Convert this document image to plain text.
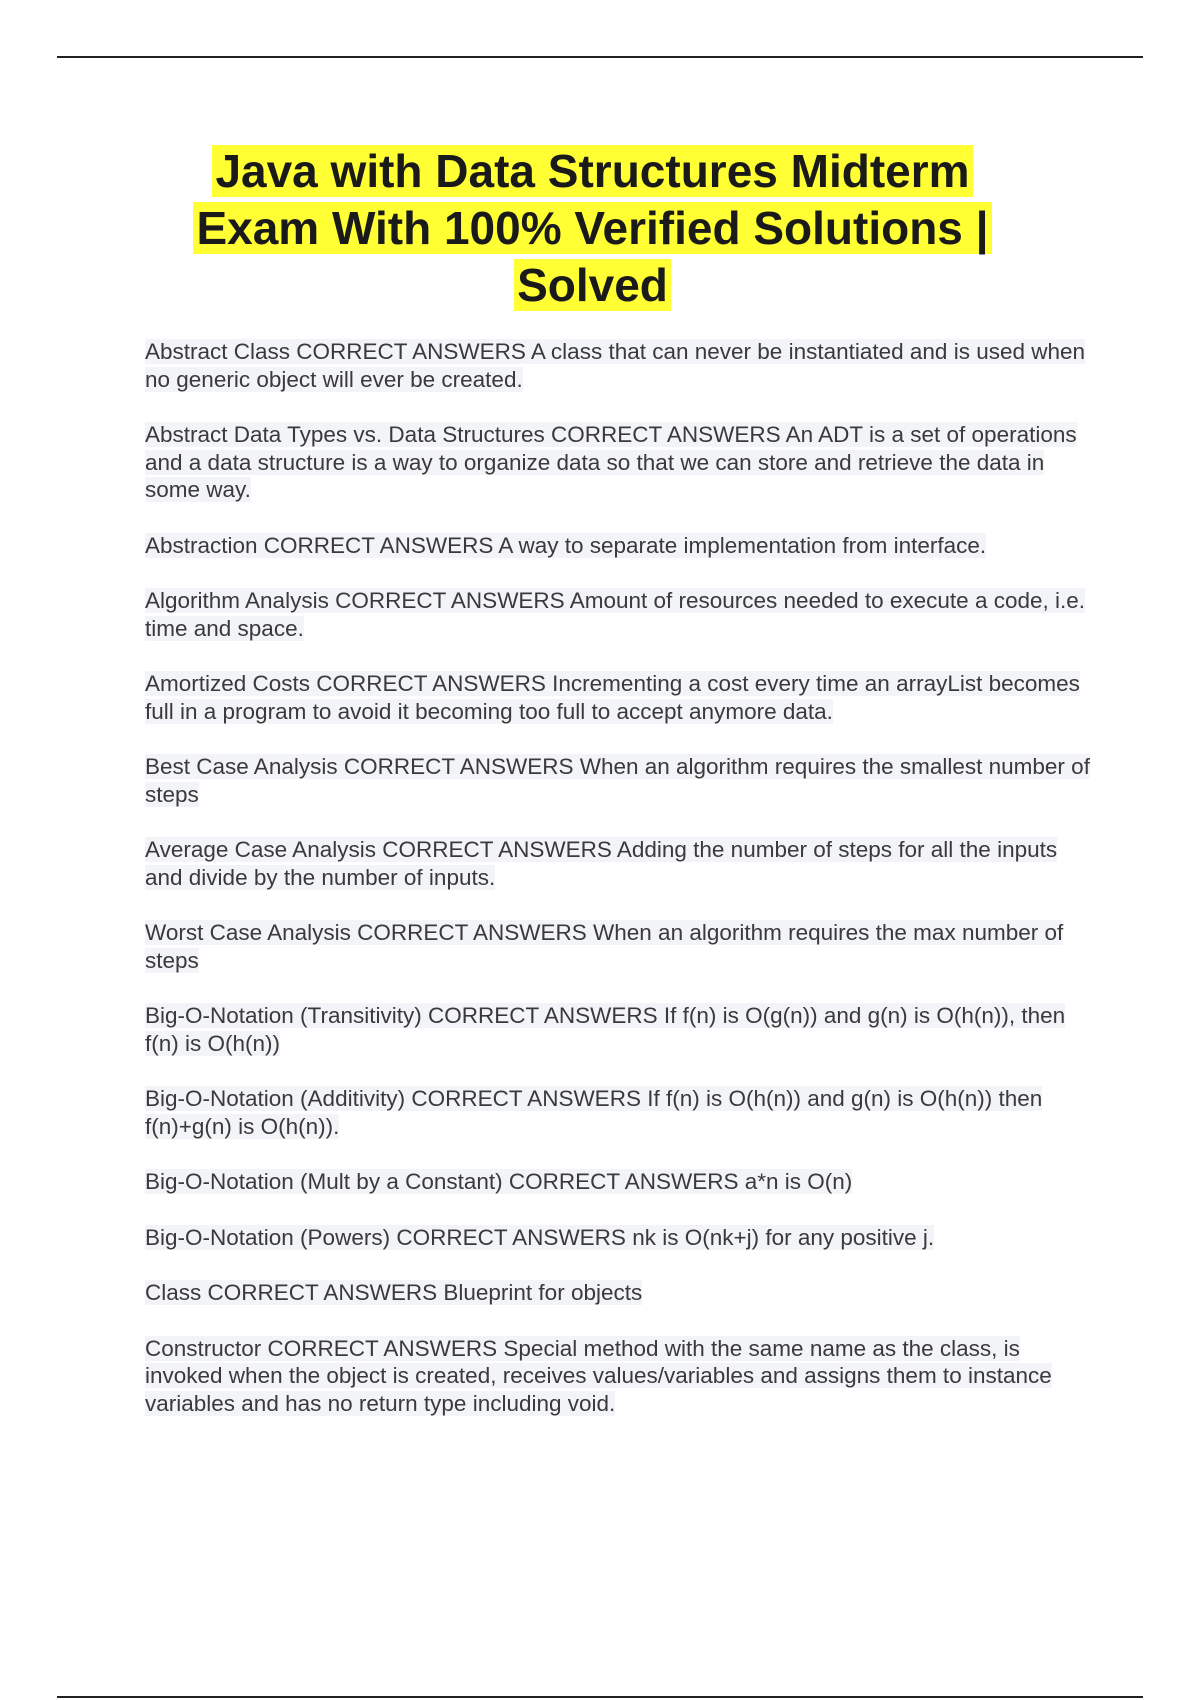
Java with Data Structures Midterm Exam With 100% Verified Solutions | Solved
Abstract Class CORRECT ANSWERS A class that can never be instantiated and is used when no generic object will ever be created.
Abstract Data Types vs. Data Structures CORRECT ANSWERS An ADT is a set of operations and a data structure is a way to organize data so that we can store and retrieve the data in some way.
Abstraction CORRECT ANSWERS A way to separate implementation from interface.
Algorithm Analysis CORRECT ANSWERS Amount of resources needed to execute a code, i.e. time and space.
Amortized Costs CORRECT ANSWERS Incrementing a cost every time an arrayList becomes full in a program to avoid it becoming too full to accept anymore data.
Best Case Analysis CORRECT ANSWERS When an algorithm requires the smallest number of steps
Average Case Analysis CORRECT ANSWERS Adding the number of steps for all the inputs and divide by the number of inputs.
Worst Case Analysis CORRECT ANSWERS When an algorithm requires the max number of steps
Big-O-Notation (Transitivity) CORRECT ANSWERS If f(n) is O(g(n)) and g(n) is O(h(n)), then f(n) is O(h(n))
Big-O-Notation (Additivity) CORRECT ANSWERS If f(n) is O(h(n)) and g(n) is O(h(n)) then f(n)+g(n) is O(h(n)).
Big-O-Notation (Mult by a Constant) CORRECT ANSWERS a*n is O(n)
Big-O-Notation (Powers) CORRECT ANSWERS nk is O(nk+j) for any positive j.
Class CORRECT ANSWERS Blueprint for objects
Constructor CORRECT ANSWERS Special method with the same name as the class, is invoked when the object is created, receives values/variables and assigns them to instance variables and has no return type including void.
